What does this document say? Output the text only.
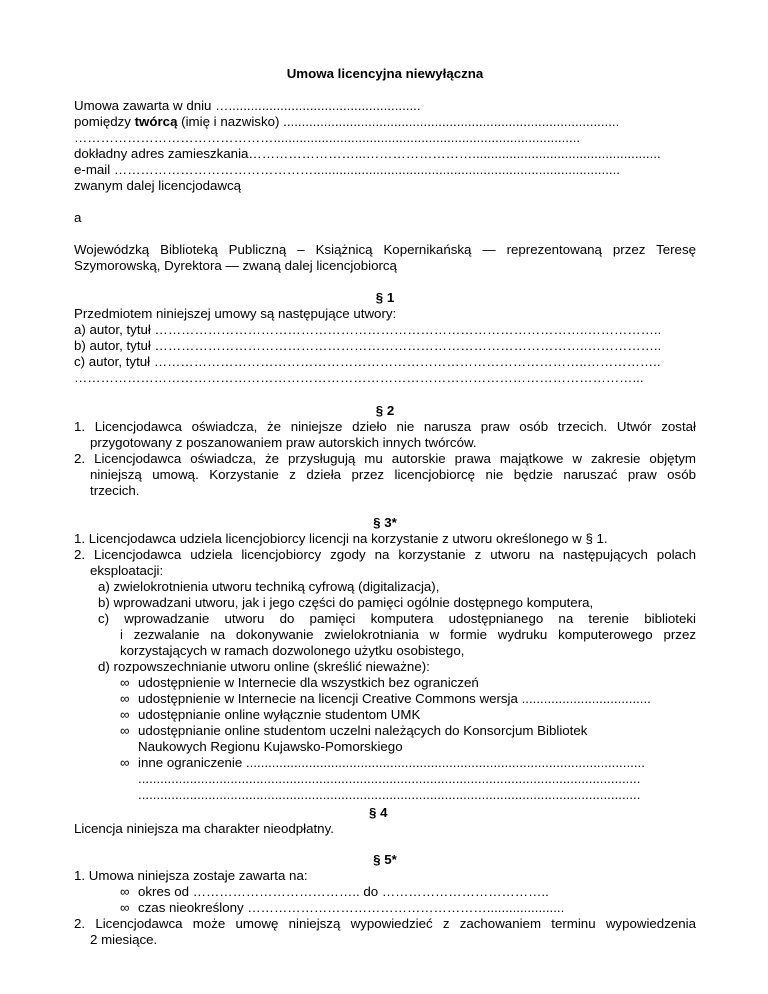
Umowa licencyjna niewyłączna
Umowa zawarta w dniu …....................................................
pomiędzy twórcą (imię i nazwisko) ...........................................................................................
………………………………………...................................................................................
dokładny adres zamieszkania……………………...……………………...................................................
e-mail ………………………………………...................................................................................
zwanym dalej licencjodawcą
a
Wojewódzką Biblioteką Publiczną – Książnicą Kopernikańską — reprezentowaną przez Teresę
Szymorowską, Dyrektora — zwaną dalej licencjobiorcą
§ 1
Przedmiotem niniejszej umowy są następujące utwory:
a) autor, tytuł ……………………………………………………………………………………..……………..
b) autor, tytuł ……………………………………………………………………………………..……………..
c) autor, tytuł ……………………………………………………………………………………..……………..
………………………………………………………………………………………………………………...
§ 2
1. Licencjodawca oświadcza, że niniejsze dzieło nie narusza praw osób trzecich. Utwór został
przygotowany z poszanowaniem praw autorskich innych twórców.
2. Licencjodawca oświadcza, że przysługują mu autorskie prawa majątkowe w zakresie objętym
niniejszą umową. Korzystanie z dzieła przez licencjobiorcę nie będzie naruszać praw osób
trzecich.
§ 3*
1. Licencjodawca udziela licencjobiorcy licencji na korzystanie z utworu określonego w § 1.
2. Licencjodawca udziela licencjobiorcy zgody na korzystanie z utworu na następujących polach
eksploatacji:
a) zwielokrotnienia utworu techniką cyfrową (digitalizacja),
b) wprowadzani utworu, jak i jego części do pamięci ogólnie dostępnego komputera,
c) wprowadzanie utworu do pamięci komputera udostępnianego na terenie biblioteki
i zezwalanie na dokonywanie zwielokrotniania w formie wydruku komputerowego przez
korzystających w ramach dozwolonego użytku osobistego,
d) rozpowszechnianie utworu online (skreślić nieważne):
∞ udostępnienie w Internecie dla wszystkich bez ograniczeń
∞ udostępnienie w Internecie na licencji Creative Commons wersja ...................................
∞ udostępnianie online wyłącznie studentom UMK
∞ udostępnianie online studentom uczelni należących do Konsorcjum Bibliotek
Naukowych Regionu Kujawsko-Pomorskiego
∞ inne ograniczenie ............................................................................................................
........................................................................................................................................
........................................................................................................................................
§ 4
Licencja niniejsza ma charakter nieodpłatny.
§ 5*
1. Umowa niniejsza zostaje zawarta na:
∞ okres od ……………………………….. do ………………………………..
∞ czas nieokreślony ……………………………………………….....................
2. Licencjodawca może umowę niniejszą wypowiedzieć z zachowaniem terminu wypowiedzenia
2 miesiące.
